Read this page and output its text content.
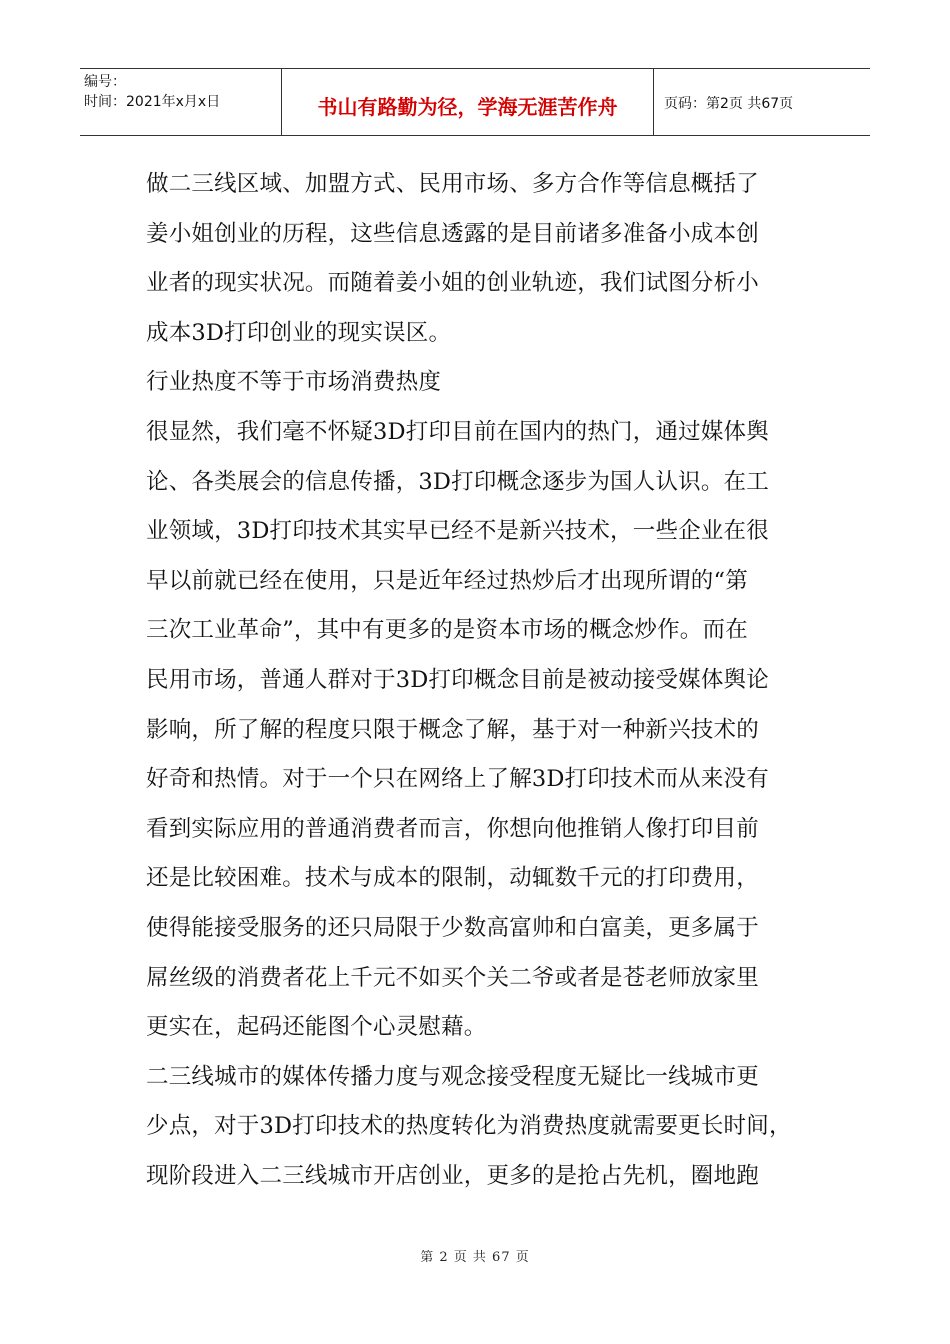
编号：
时间：2021年x月x日	书山有路勤为径，学海无涯苦作舟	页码：第2页 共67页
做二三线区域、加盟方式、民用市场、多方合作等信息概括了
姜小姐创业的历程，这些信息透露的是目前诸多准备小成本创
业者的现实状况。而随着姜小姐的创业轨迹，我们试图分析小
成本3D打印创业的现实误区。
行业热度不等于市场消费热度
很显然，我们毫不怀疑3D打印目前在国内的热门，通过媒体舆
论、各类展会的信息传播，3D打印概念逐步为国人认识。在工
业领域，3D打印技术其实早已经不是新兴技术，一些企业在很
早以前就已经在使用，只是近年经过热炒后才出现所谓的“第
三次工业革命”，其中有更多的是资本市场的概念炒作。而在
民用市场，普通人群对于3D打印概念目前是被动接受媒体舆论
影响，所了解的程度只限于概念了解，基于对一种新兴技术的
好奇和热情。对于一个只在网络上了解3D打印技术而从来没有
看到实际应用的普通消费者而言，你想向他推销人像打印目前
还是比较困难。技术与成本的限制，动辄数千元的打印费用，
使得能接受服务的还只局限于少数高富帅和白富美，更多属于
屌丝级的消费者花上千元不如买个关二爷或者是苍老师放家里
更实在，起码还能图个心灵慰藉。
二三线城市的媒体传播力度与观念接受程度无疑比一线城市更
少点，对于3D打印技术的热度转化为消费热度就需要更长时间，
现阶段进入二三线城市开店创业，更多的是抢占先机，圈地跑
第 2 页 共 67 页
